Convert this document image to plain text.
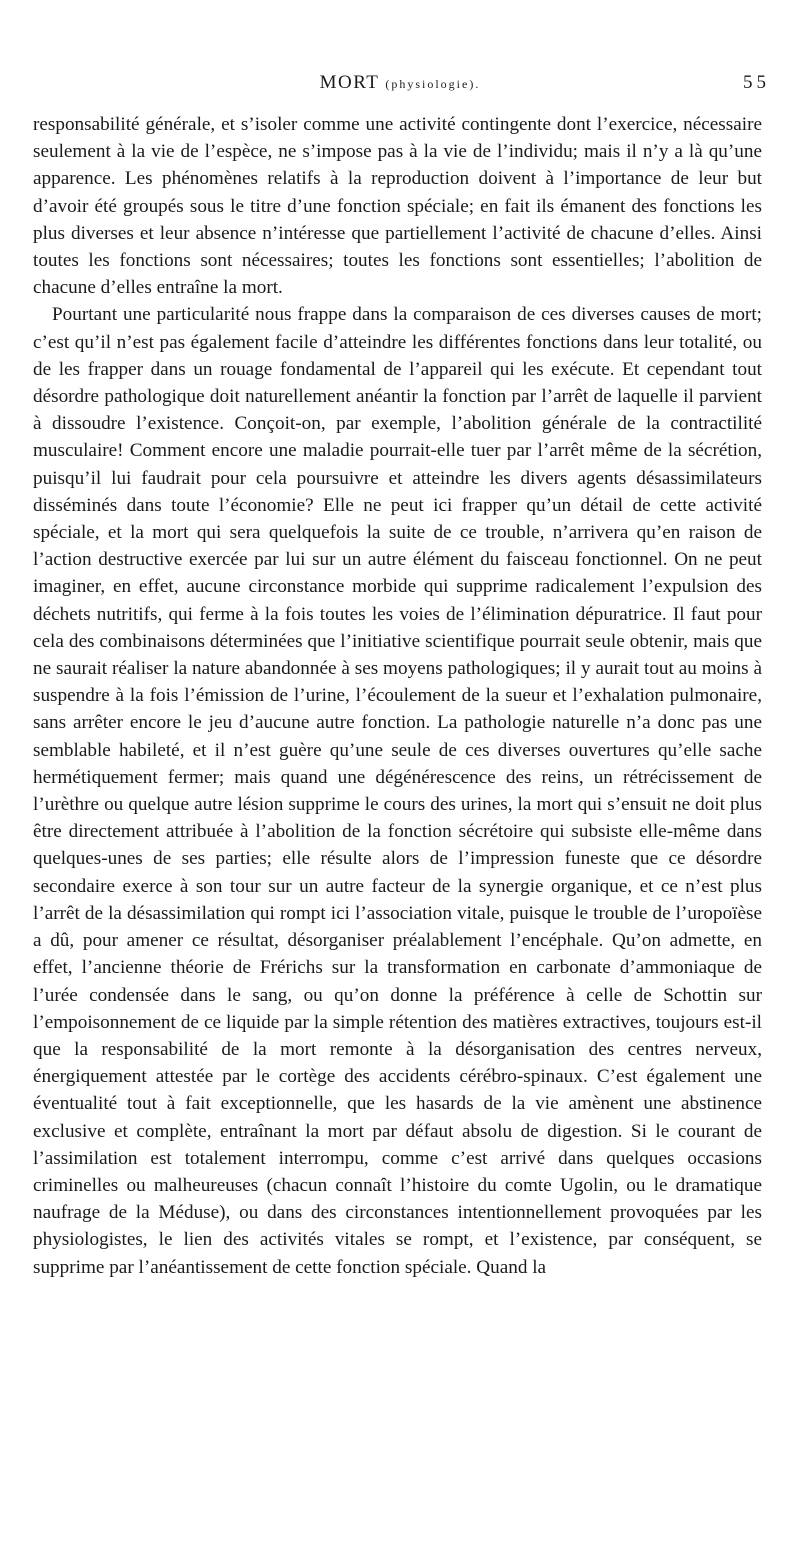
MORT (physiologie).	55

responsabilité générale, et s’isoler comme une activité contingente dont l’exercice, nécessaire seulement à la vie de l’espèce, ne s’impose pas à la vie de l’individu; mais il n’y a là qu’une apparence. Les phénomènes relatifs à la reproduction doivent à l’importance de leur but d’avoir été groupés sous le titre d’une fonction spéciale; en fait ils émanent des fonctions les plus diverses et leur absence n’intéresse que partiellement l’activité de chacune d’elles. Ainsi toutes les fonctions sont nécessaires; toutes les fonctions sont essentielles; l’abolition de chacune d’elles entraîne la mort.

Pourtant une particularité nous frappe dans la comparaison de ces diverses causes de mort; c’est qu’il n’est pas également facile d’atteindre les différentes fonctions dans leur totalité, ou de les frapper dans un rouage fondamental de l’appareil qui les exécute. Et cependant tout désordre pathologique doit naturellement anéantir la fonction par l’arrêt de laquelle il parvient à dissoudre l’existence. Conçoit-on, par exemple, l’abolition générale de la contractilité musculaire! Comment encore une maladie pourrait-elle tuer par l’arrêt même de la sécrétion, puisqu’il lui faudrait pour cela poursuivre et atteindre les divers agents désassimilateurs disséminés dans toute l’économie? Elle ne peut ici frapper qu’un détail de cette activité spéciale, et la mort qui sera quelquefois la suite de ce trouble, n’arrivera qu’en raison de l’action destructive exercée par lui sur un autre élément du faisceau fonctionnel. On ne peut imaginer, en effet, aucune circonstance morbide qui supprime radicalement l’expulsion des déchets nutritifs, qui ferme à la fois toutes les voies de l’élimination dépuratrice. Il faut pour cela des combinaisons déterminées que l’initiative scientifique pourrait seule obtenir, mais que ne saurait réaliser la nature abandonnée à ses moyens pathologiques; il y aurait tout au moins à suspendre à la fois l’émission de l’urine, l’écoulement de la sueur et l’exhalation pulmonaire, sans arrêter encore le jeu d’aucune autre fonction. La pathologie naturelle n’a donc pas une semblable habileté, et il n’est guère qu’une seule de ces diverses ouvertures qu’elle sache hermétiquement fermer; mais quand une dégénérescence des reins, un rétrécissement de l’urèthre ou quelque autre lésion supprime le cours des urines, la mort qui s’ensuit ne doit plus être directement attribuée à l’abolition de la fonction sécrétoire qui subsiste elle-même dans quelques-unes de ses parties; elle résulte alors de l’impression funeste que ce désordre secondaire exerce à son tour sur un autre facteur de la synergie organique, et ce n’est plus l’arrêt de la désassimilation qui rompt ici l’association vitale, puisque le trouble de l’uropoïèse a dû, pour amener ce résultat, désorganiser préalablement l’encéphale. Qu’on admette, en effet, l’ancienne théorie de Frérichs sur la transformation en carbonate d’ammoniaque de l’urée condensée dans le sang, ou qu’on donne la préférence à celle de Schottin sur l’empoisonnement de ce liquide par la simple rétention des matières extractives, toujours est-il que la responsabilité de la mort remonte à la désorganisation des centres nerveux, énergiquement attestée par le cortège des accidents cérébro-spinaux. C’est également une éventualité tout à fait exceptionnelle, que les hasards de la vie amènent une abstinence exclusive et complète, entraînant la mort par défaut absolu de digestion. Si le courant de l’assimilation est totalement interrompu, comme c’est arrivé dans quelques occasions criminelles ou malheureuses (chacun connaît l’histoire du comte Ugolin, ou le dramatique naufrage de la Méduse), ou dans des circonstances intentionnellement provoquées par les physiologistes, le lien des activités vitales se rompt, et l’existence, par conséquent, se supprime par l’anéantissement de cette fonction spéciale. Quand la
